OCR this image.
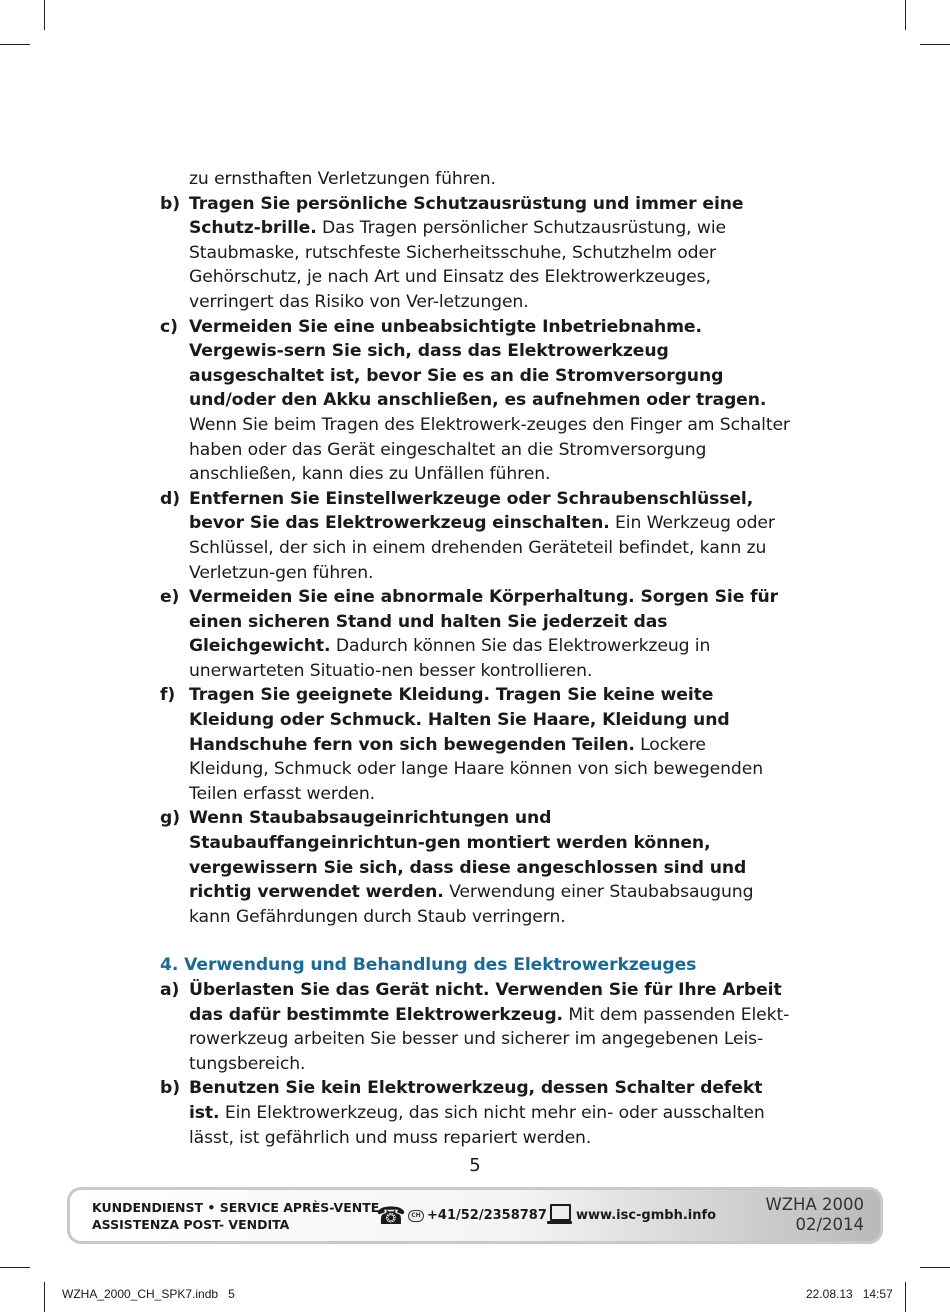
zu ernsthaften Verletzungen führen.
b) Tragen Sie persönliche Schutzausrüstung und immer eine Schutz-brille. Das Tragen persönlicher Schutzausrüstung, wie Staubmaske, rutschfeste Sicherheitsschuhe, Schutzhelm oder Gehörschutz, je nach Art und Einsatz des Elektrowerkzeuges, verringert das Risiko von Ver-letzungen.
c) Vermeiden Sie eine unbeabsichtigte Inbetriebnahme. Vergewis-sern Sie sich, dass das Elektrowerkzeug ausgeschaltet ist, bevor Sie es an die Stromversorgung und/oder den Akku anschließen, es aufnehmen oder tragen. Wenn Sie beim Tragen des Elektrowerk-zeuges den Finger am Schalter haben oder das Gerät eingeschaltet an die Stromversorgung anschließen, kann dies zu Unfällen führen.
d) Entfernen Sie Einstellwerkzeuge oder Schraubenschlüssel, bevor Sie das Elektrowerkzeug einschalten. Ein Werkzeug oder Schlüssel, der sich in einem drehenden Geräteteil befindet, kann zu Verletzun-gen führen.
e) Vermeiden Sie eine abnormale Körperhaltung. Sorgen Sie für einen sicheren Stand und halten Sie jederzeit das Gleichgewicht. Dadurch können Sie das Elektrowerkzeug in unerwarteten Situatio-nen besser kontrollieren.
f) Tragen Sie geeignete Kleidung. Tragen Sie keine weite Kleidung oder Schmuck. Halten Sie Haare, Kleidung und Handschuhe fern von sich bewegenden Teilen. Lockere Kleidung, Schmuck oder lange Haare können von sich bewegenden Teilen erfasst werden.
g) Wenn Staubabsaugeinrichtungen und Staubauffangeinrichtun-gen montiert werden können, vergewissern Sie sich, dass diese angeschlossen sind und richtig verwendet werden. Verwendung einer Staubabsaugung kann Gefährdungen durch Staub verringern.
4. Verwendung und Behandlung des Elektrowerkzeuges
a) Überlasten Sie das Gerät nicht. Verwenden Sie für Ihre Arbeit das dafür bestimmte Elektrowerkzeug. Mit dem passenden Elekt-rowerkzeug arbeiten Sie besser und sicherer im angegebenen Leis-tungsbereich.
b) Benutzen Sie kein Elektrowerkzeug, dessen Schalter defekt ist. Ein Elektrowerkzeug, das sich nicht mehr ein- oder ausschalten lässt, ist gefährlich und muss repariert werden.
5
KUNDENDIENST • SERVICE APRÈS-VENTE
ASSISTENZA POST- VENDITA	☎ CH +41/52/2358787 www.isc-gmbh.info
WZHA 2000
02/2014
WZHA_2000_CH_SPK7.indb   5	22.08.13   14:57
